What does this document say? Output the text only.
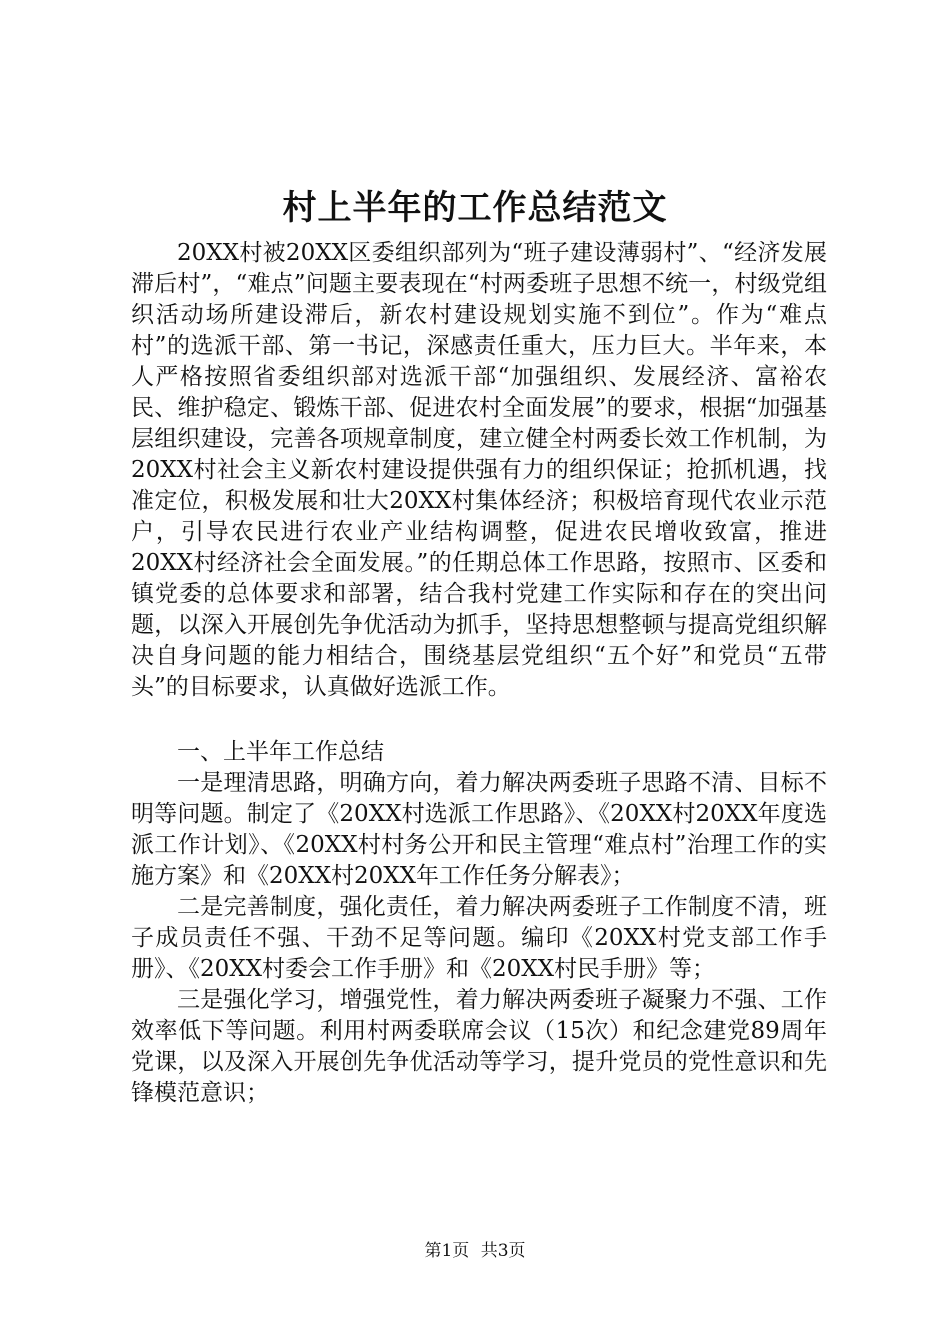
村上半年的工作总结范文

20XX村被20XX区委组织部列为“班子建设薄弱村”、“经济发展滞后村”，“难点”问题主要表现在“村两委班子思想不统一，村级党组织活动场所建设滞后，新农村建设规划实施不到位”。作为“难点村”的选派干部、第一书记，深感责任重大，压力巨大。半年来，本人严格按照省委组织部对选派干部“加强组织、发展经济、富裕农民、维护稳定、锻炼干部、促进农村全面发展”的要求，根据“加强基层组织建设，完善各项规章制度，建立健全村两委长效工作机制，为20XX村社会主义新农村建设提供强有力的组织保证；抢抓机遇，找准定位，积极发展和壮大20XX村集体经济；积极培育现代农业示范户，引导农民进行农业产业结构调整，促进农民增收致富，推进20XX村经济社会全面发展。”的任期总体工作思路，按照市、区委和镇党委的总体要求和部署，结合我村党建工作实际和存在的突出问题，以深入开展创先争优活动为抓手，坚持思想整顿与提高党组织解决自身问题的能力相结合，围绕基层党组织“五个好”和党员“五带头”的目标要求，认真做好选派工作。

一、上半年工作总结

一是理清思路，明确方向，着力解决两委班子思路不清、目标不明等问题。制定了《20XX村选派工作思路》、《20XX村20XX年度选派工作计划》、《20XX村村务公开和民主管理“难点村”治理工作的实施方案》和《20XX村20XX年工作任务分解表》；

二是完善制度，强化责任，着力解决两委班子工作制度不清，班子成员责任不强、干劲不足等问题。编印《20XX村党支部工作手册》、《20XX村委会工作手册》和《20XX村民手册》等；

三是强化学习，增强党性，着力解决两委班子凝聚力不强、工作效率低下等问题。利用村两委联席会议（15次）和纪念建党89周年党课，以及深入开展创先争优活动等学习，提升党员的党性意识和先锋模范意识；

第1页 共3页
